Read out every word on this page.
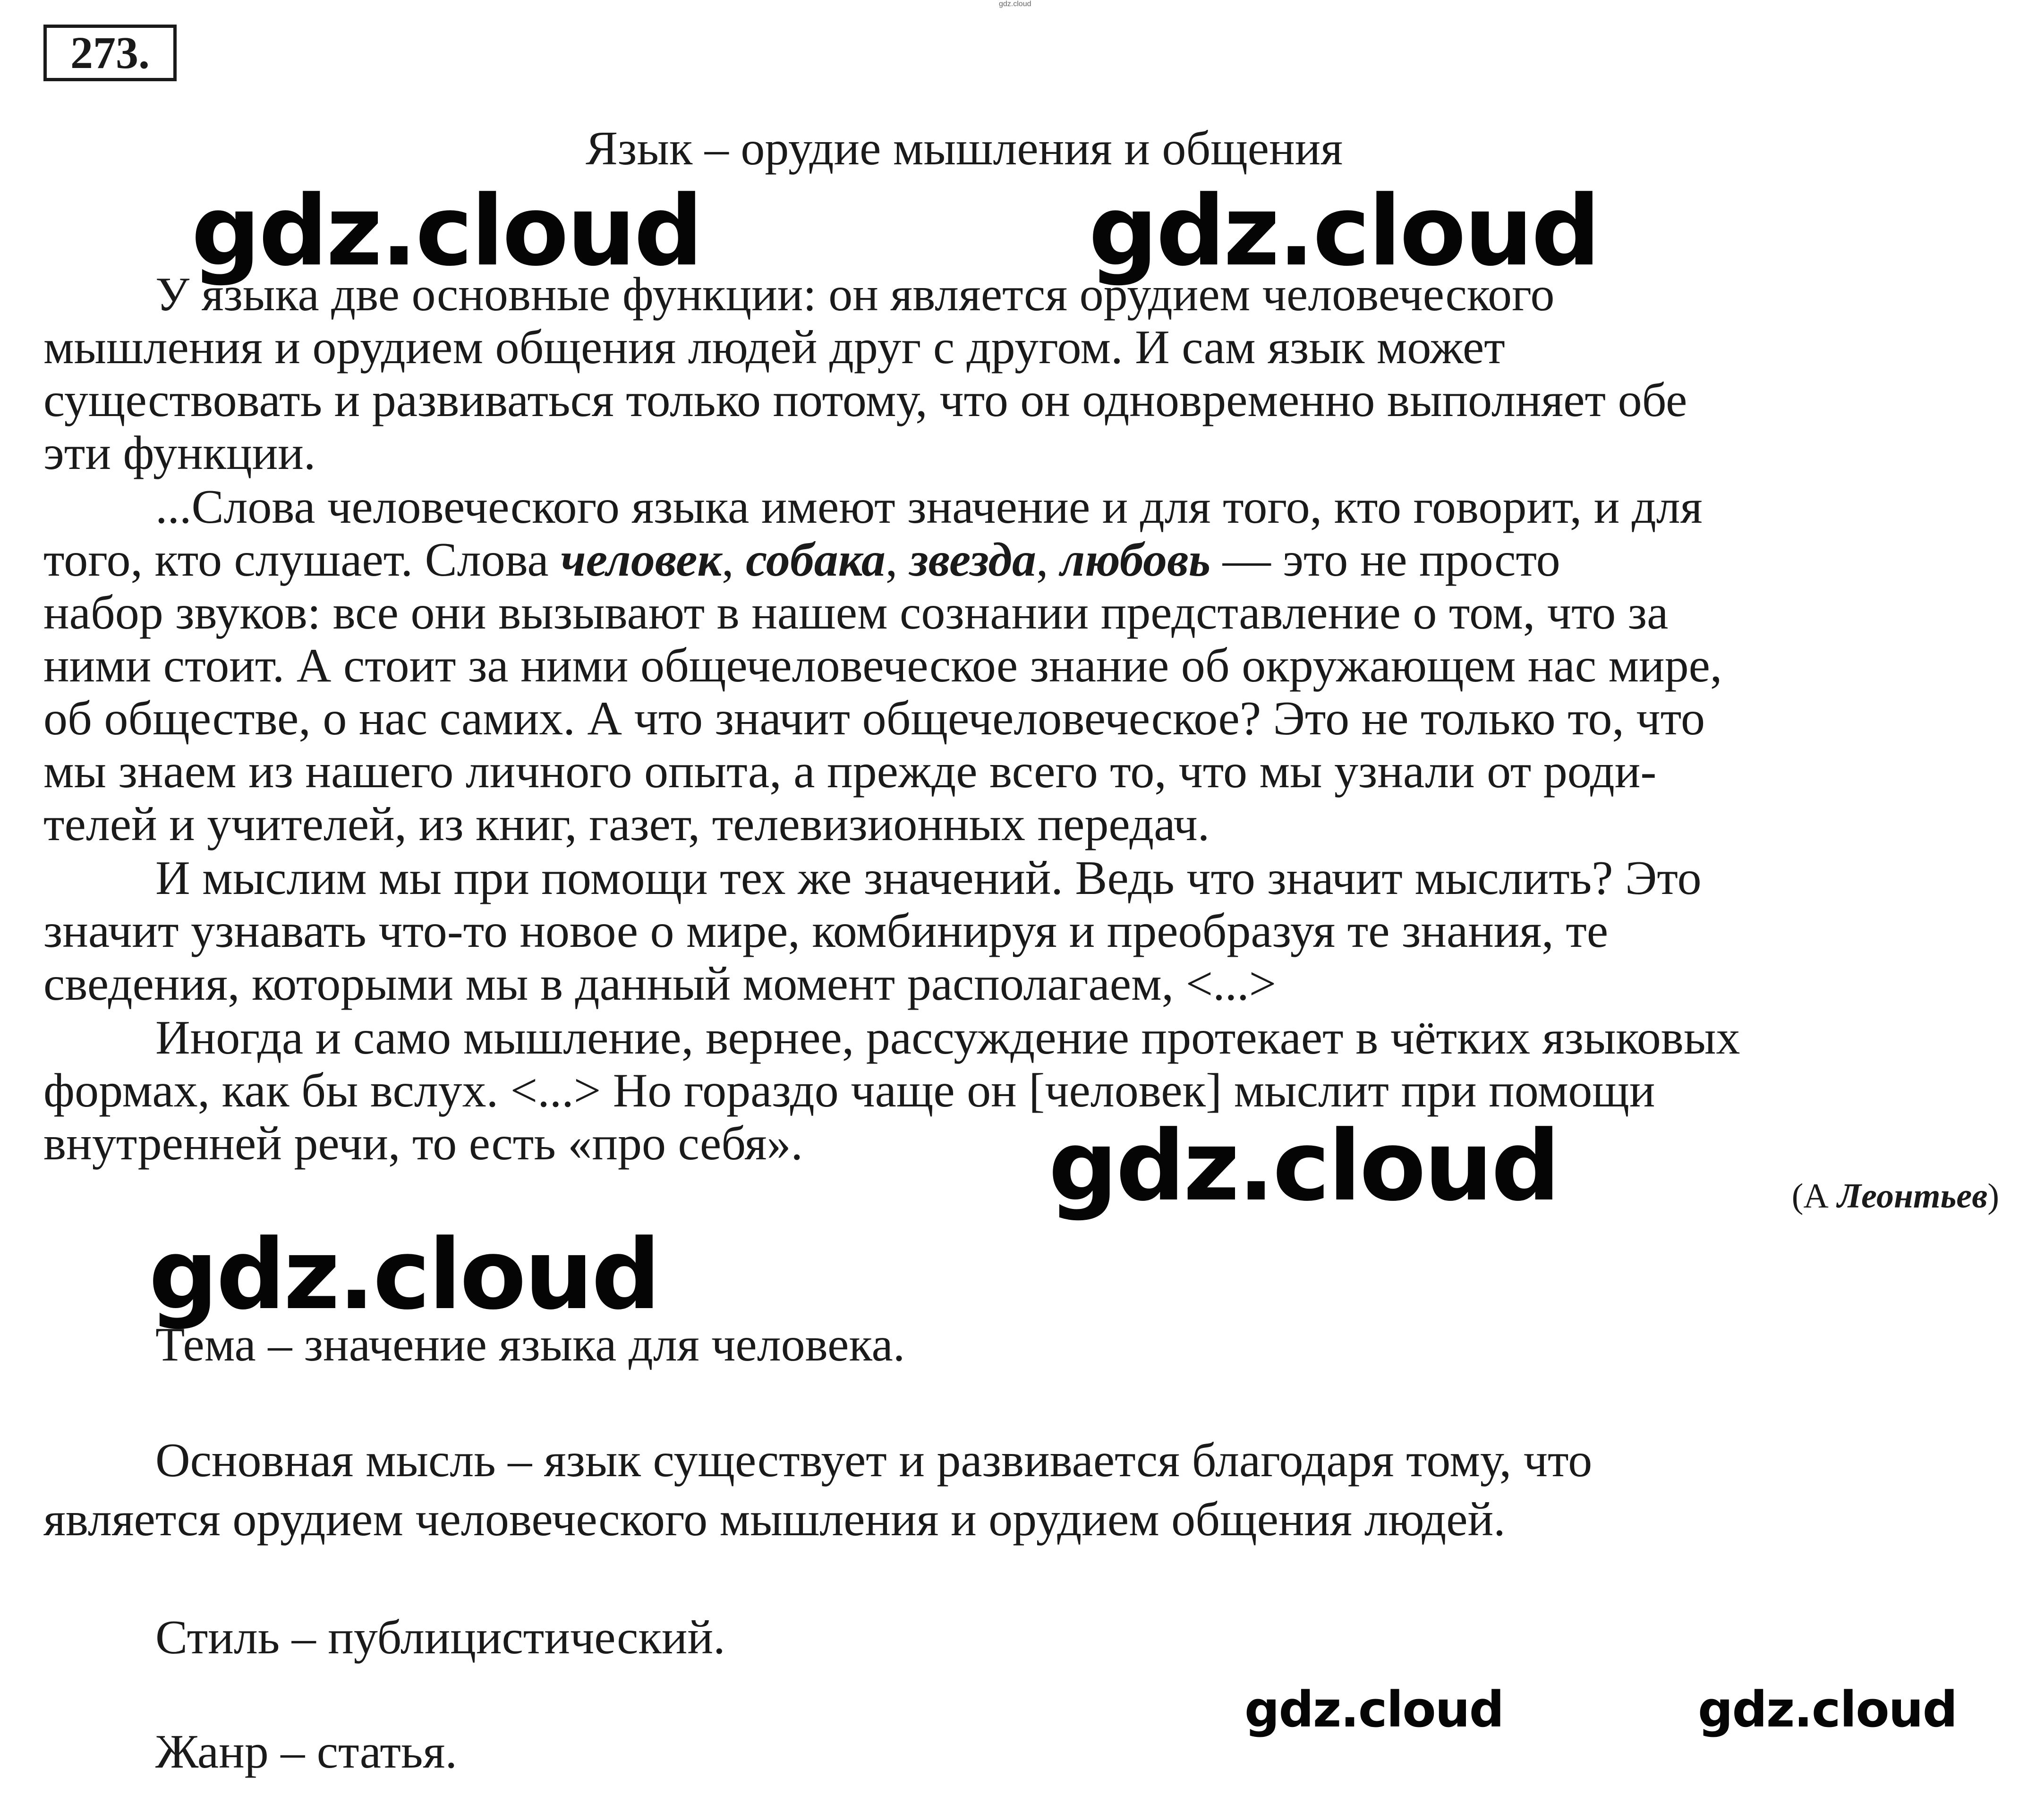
gdz.cloud
273.
Язык – орудие мышления и общения
У языка две основные функции: он является орудием человеческого
мышления и орудием общения людей друг с другом. И сам язык может
существовать и развиваться только потому, что он одновременно выполняет обе
эти функции.
...Слова человеческого языка имеют значение и для того, кто говорит, и для
того, кто слушает. Слова человек, собака, звезда, любовь — это не просто
набор звуков: все они вызывают в нашем сознании представление о том, что за
ними стоит. А стоит за ними общечеловеческое знание об окружающем нас мире,
об обществе, о нас самих. А что значит общечеловеческое? Это не только то, что
мы знаем из нашего личного опыта, а прежде всего то, что мы узнали от роди-
телей и учителей, из книг, газет, телевизионных передач.
И мыслим мы при помощи тех же значений. Ведь что значит мыслить? Это
значит узнавать что-то новое о мире, комбинируя и преобразуя те знания, те
сведения, которыми мы в данный момент располагаем, <...>
Иногда и само мышление, вернее, рассуждение протекает в чётких языковых
формах, как бы вслух. <...> Но гораздо чаще он [человек] мыслит при помощи
внутренней речи, то есть «про себя».
(А Леонтьев)
Тема – значение языка для человека.
Основная мысль – язык существует и развивается благодаря тому, что
является орудием человеческого мышления и орудием общения людей.
Стиль – публицистический.
Жанр – статья.
gdz.cloud	gdz.cloud
gdz.cloud
gdz.cloud
gdz.cloud	gdz.cloud
